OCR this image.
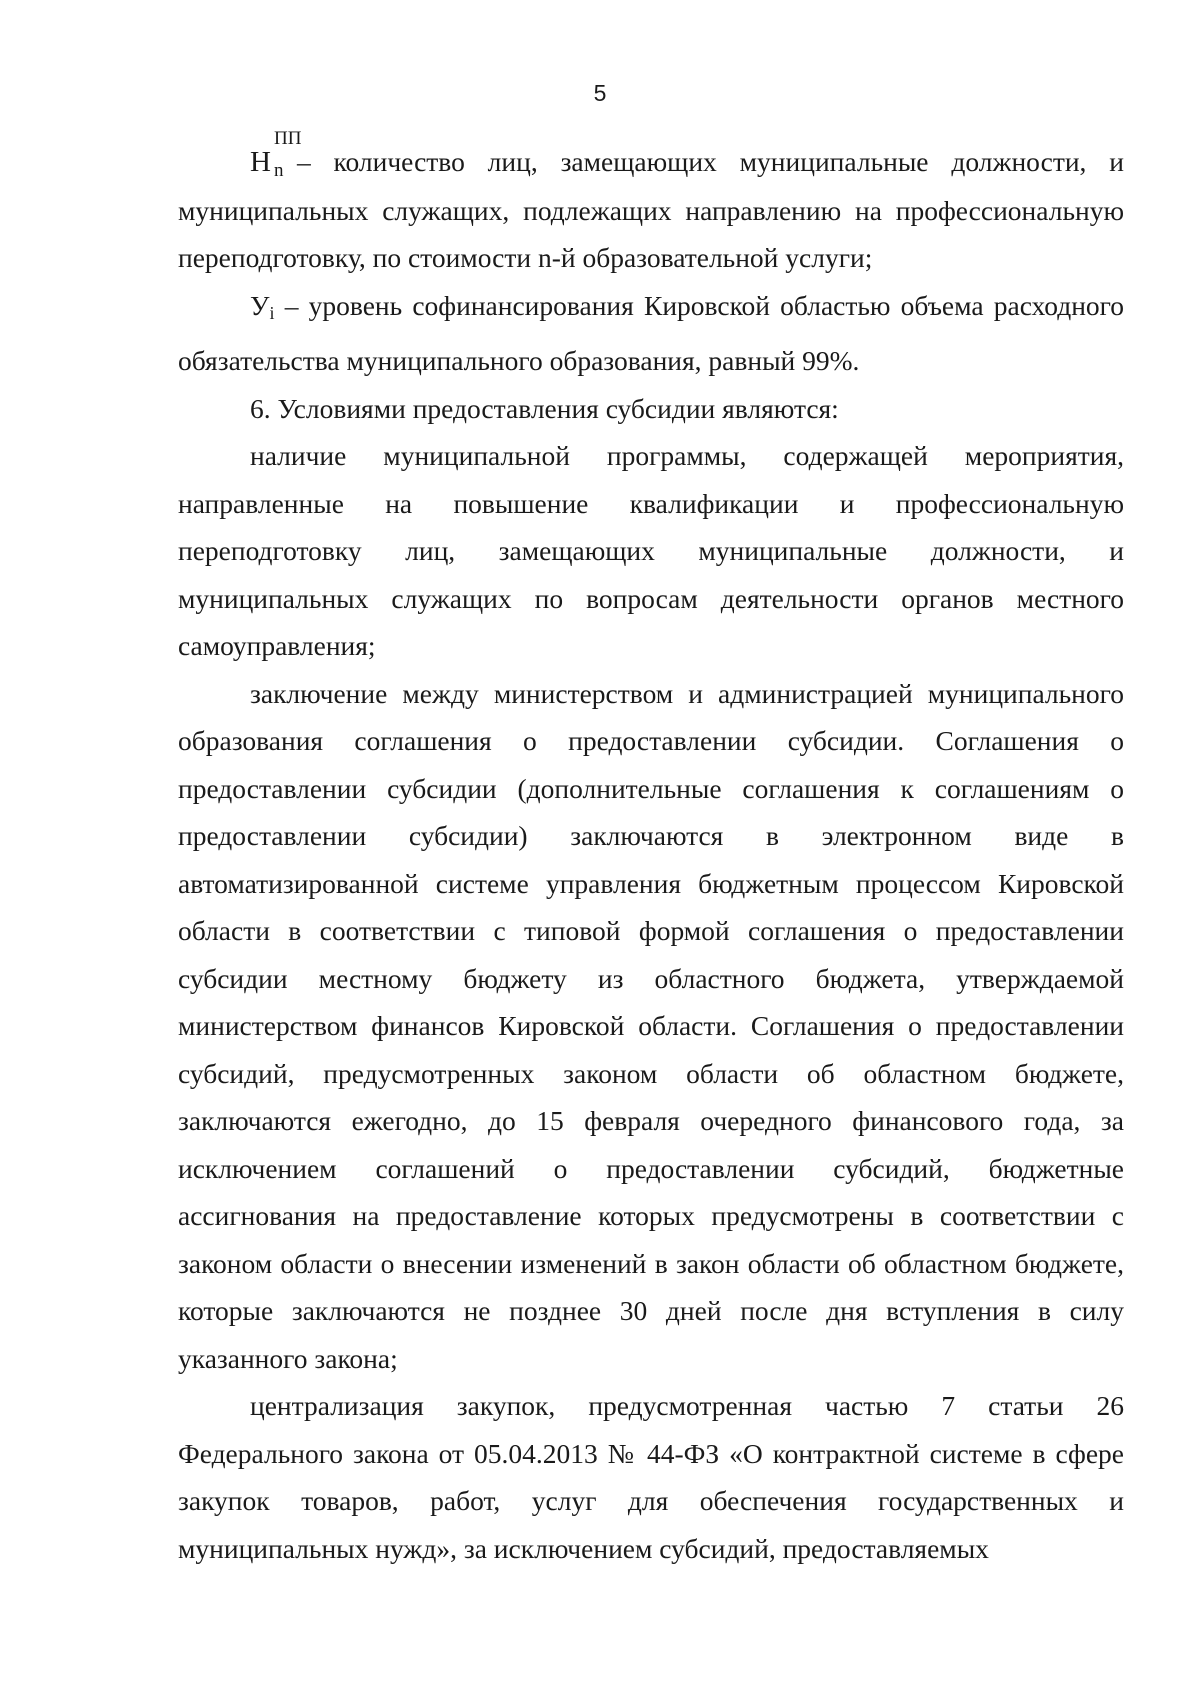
5

Н
ПП
n – количество лиц, замещающих муниципальные должности, и муниципальных служащих, подлежащих направлению на профессиональную переподготовку, по стоимости n-й образовательной услуги;

Уi – уровень софинансирования Кировской областью объема расходного обязательства муниципального образования, равный 99%.

6. Условиями предоставления субсидии являются:

наличие муниципальной программы, содержащей мероприятия, направленные на повышение квалификации и профессиональную переподготовку лиц, замещающих муниципальные должности, и муниципальных служащих по вопросам деятельности органов местного самоуправления;

заключение между министерством и администрацией муниципального образования соглашения о предоставлении субсидии. Соглашения о предоставлении субсидии (дополнительные соглашения к соглашениям о предоставлении субсидии) заключаются в электронном виде в автоматизированной системе управления бюджетным процессом Кировской области в соответствии с типовой формой соглашения о предоставлении субсидии местному бюджету из областного бюджета, утверждаемой министерством финансов Кировской области. Соглашения о предоставлении субсидий, предусмотренных законом области об областном бюджете, заключаются ежегодно, до 15 февраля очередного финансового года, за исключением соглашений о предоставлении субсидий, бюджетные ассигнования на предоставление которых предусмотрены в соответствии с законом области о внесении изменений в закон области об областном бюджете, которые заключаются не позднее 30 дней после дня вступления в силу указанного закона;

централизация закупок, предусмотренная частью 7 статьи 26 Федерального закона от 05.04.2013 № 44-ФЗ «О контрактной системе в сфере закупок товаров, работ, услуг для обеспечения государственных и муниципальных нужд», за исключением субсидий, предоставляемых
